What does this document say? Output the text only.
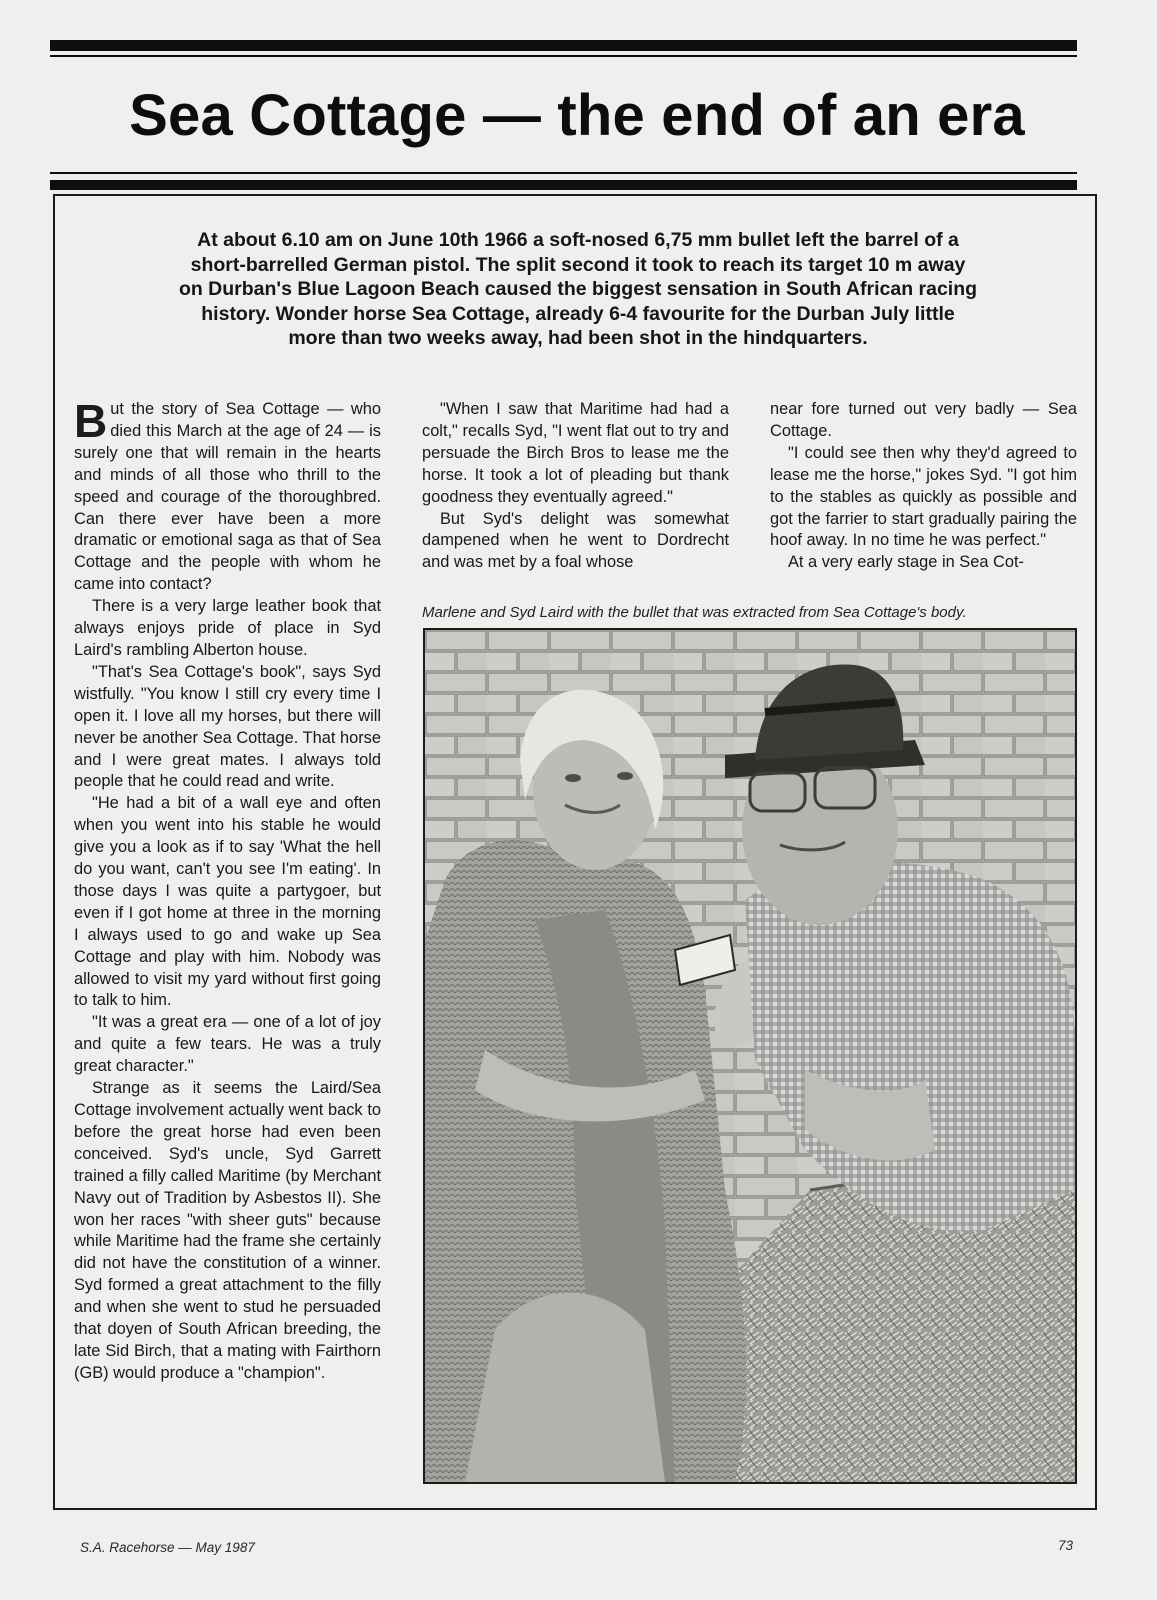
Sea Cottage — the end of an era

At about 6.10 am on June 10th 1966 a soft-nosed 6,75 mm bullet left the barrel of a short-barrelled German pistol. The split second it took to reach its target 10 m away on Durban's Blue Lagoon Beach caused the biggest sensation in South African racing history. Wonder horse Sea Cottage, already 6-4 favourite for the Durban July little more than two weeks away, had been shot in the hindquarters.

But the story of Sea Cottage — who died this March at the age of 24 — is surely one that will remain in the hearts and minds of all those who thrill to the speed and courage of the thoroughbred. Can there ever have been a more dramatic or emotional saga as that of Sea Cottage and the people with whom he came into contact?

There is a very large leather book that always enjoys pride of place in Syd Laird's rambling Alberton house.

"That's Sea Cottage's book", says Syd wistfully. "You know I still cry every time I open it. I love all my horses, but there will never be another Sea Cottage. That horse and I were great mates. I always told people that he could read and write.

"He had a bit of a wall eye and often when you went into his stable he would give you a look as if to say 'What the hell do you want, can't you see I'm eating'. In those days I was quite a partygoer, but even if I got home at three in the morning I always used to go and wake up Sea Cottage and play with him. Nobody was allowed to visit my yard without first going to talk to him.

"It was a great era — one of a lot of joy and quite a few tears. He was a truly great character."

Strange as it seems the Laird/Sea Cottage involvement actually went back to before the great horse had even been conceived. Syd's uncle, Syd Garrett trained a filly called Maritime (by Merchant Navy out of Tradition by Asbestos II). She won her races "with sheer guts" because while Maritime had the frame she certainly did not have the constitution of a winner. Syd formed a great attachment to the filly and when she went to stud he persuaded that doyen of South African breeding, the late Sid Birch, that a mating with Fairthorn (GB) would produce a "champion".

"When I saw that Maritime had had a colt," recalls Syd, "I went flat out to try and persuade the Birch Bros to lease me the horse. It took a lot of pleading but thank goodness they eventually agreed."

But Syd's delight was somewhat dampened when he went to Dordrecht and was met by a foal whose

near fore turned out very badly — Sea Cottage.

"I could see then why they'd agreed to lease me the horse," jokes Syd. "I got him to the stables as quickly as possible and got the farrier to start gradually pairing the hoof away. In no time he was perfect."

At a very early stage in Sea Cot-

Marlene and Syd Laird with the bullet that was extracted from Sea Cottage's body.

S.A. Racehorse — May 1987	73
